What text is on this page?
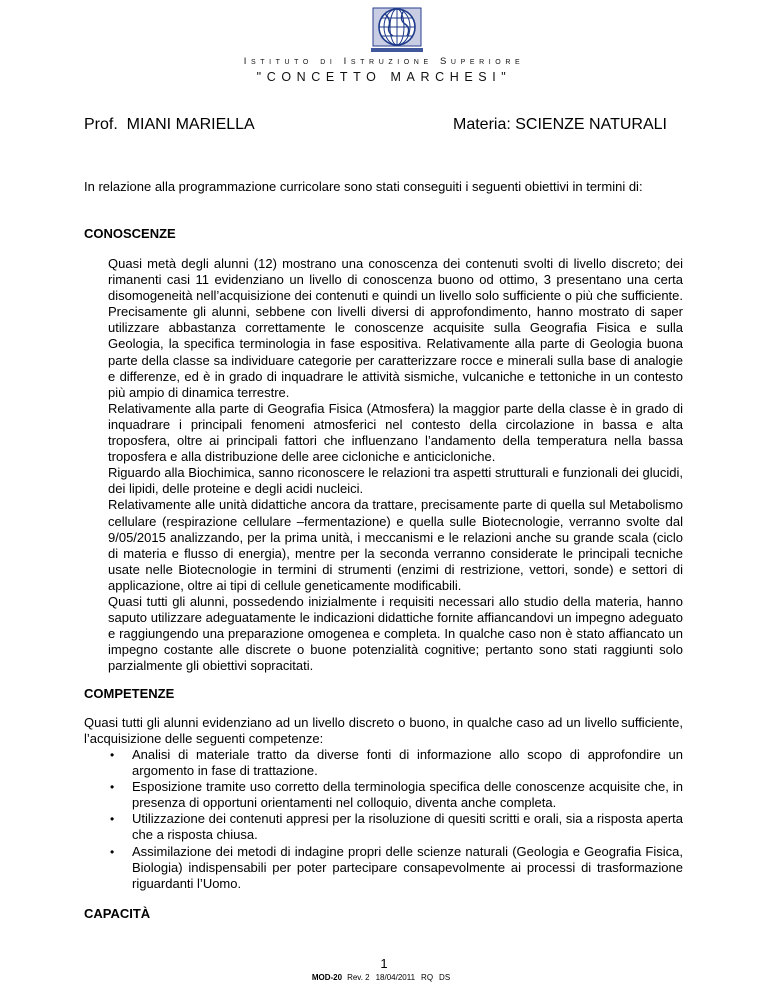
Istituto di Istruzione Superiore
"CONCETTO MARCHESI"
Prof.  MIANI MARIELLA	Materia: SCIENZE NATURALI
In relazione alla programmazione curricolare sono stati conseguiti i seguenti obiettivi in termini di:
CONOSCENZE

Quasi metà degli alunni (12) mostrano una conoscenza dei contenuti svolti di livello discreto; dei rimanenti casi 11 evidenziano un livello di conoscenza buono od ottimo, 3 presentano una certa disomogeneità nell’acquisizione dei contenuti e quindi un livello solo sufficiente o più che sufficiente. Precisamente gli alunni, sebbene con livelli diversi di approfondimento, hanno mostrato di saper utilizzare abbastanza correttamente le conoscenze acquisite sulla Geografia Fisica e sulla Geologia, la specifica terminologia in fase espositiva. Relativamente alla parte di Geologia buona parte della classe sa individuare categorie per caratterizzare rocce e minerali sulla base di analogie e differenze, ed è in grado di inquadrare le attività sismiche, vulcaniche e tettoniche in un contesto più ampio di dinamica terrestre.

Relativamente alla parte di Geografia Fisica (Atmosfera) la maggior parte della classe è in grado di inquadrare i principali fenomeni atmosferici nel contesto della circolazione in bassa e alta troposfera, oltre ai principali fattori che influenzano l’andamento della temperatura nella bassa troposfera e alla distribuzione delle aree cicloniche e anticicloniche.

Riguardo alla Biochimica, sanno riconoscere le relazioni tra aspetti strutturali e funzionali dei glucidi, dei lipidi, delle proteine e degli acidi nucleici.

Relativamente alle unità didattiche ancora da trattare, precisamente parte di quella sul Metabolismo cellulare (respirazione cellulare –fermentazione) e quella sulle Biotecnologie, verranno svolte dal 9/05/2015 analizzando, per la prima unità, i meccanismi e le relazioni anche su grande scala (ciclo di materia e flusso di energia), mentre per la seconda verranno considerate le principali tecniche usate nelle Biotecnologie in termini di strumenti (enzimi di restrizione, vettori, sonde) e settori di applicazione, oltre ai tipi di cellule geneticamente modificabili.

Quasi tutti gli alunni, possedendo inizialmente i requisiti necessari allo studio della materia, hanno saputo utilizzare adeguatamente le indicazioni didattiche fornite affiancandovi un impegno adeguato e raggiungendo una preparazione omogenea e completa. In qualche caso non è stato affiancato un impegno costante alle discrete o buone potenzialità cognitive; pertanto sono stati raggiunti solo parzialmente gli obiettivi sopracitati.

COMPETENZE
Quasi tutti gli alunni evidenziano ad un livello discreto o buono, in qualche caso ad un livello sufficiente, l’acquisizione delle seguenti competenze:
• Analisi di materiale tratto da diverse fonti di informazione allo scopo di approfondire un argomento in fase di trattazione.
• Esposizione tramite uso corretto della terminologia specifica delle conoscenze acquisite che, in presenza di opportuni orientamenti nel colloquio, diventa anche completa.
• Utilizzazione dei contenuti appresi per la risoluzione di quesiti scritti e orali, sia a risposta aperta che a risposta chiusa.
• Assimilazione dei metodi di indagine propri delle scienze naturali (Geologia e Geografia Fisica, Biologia) indispensabili per poter partecipare consapevolmente ai processi di trasformazione riguardanti l’Uomo.
CAPACITÀ
1
MOD-20 Rev. 2 18/04/2011 RQ DS
